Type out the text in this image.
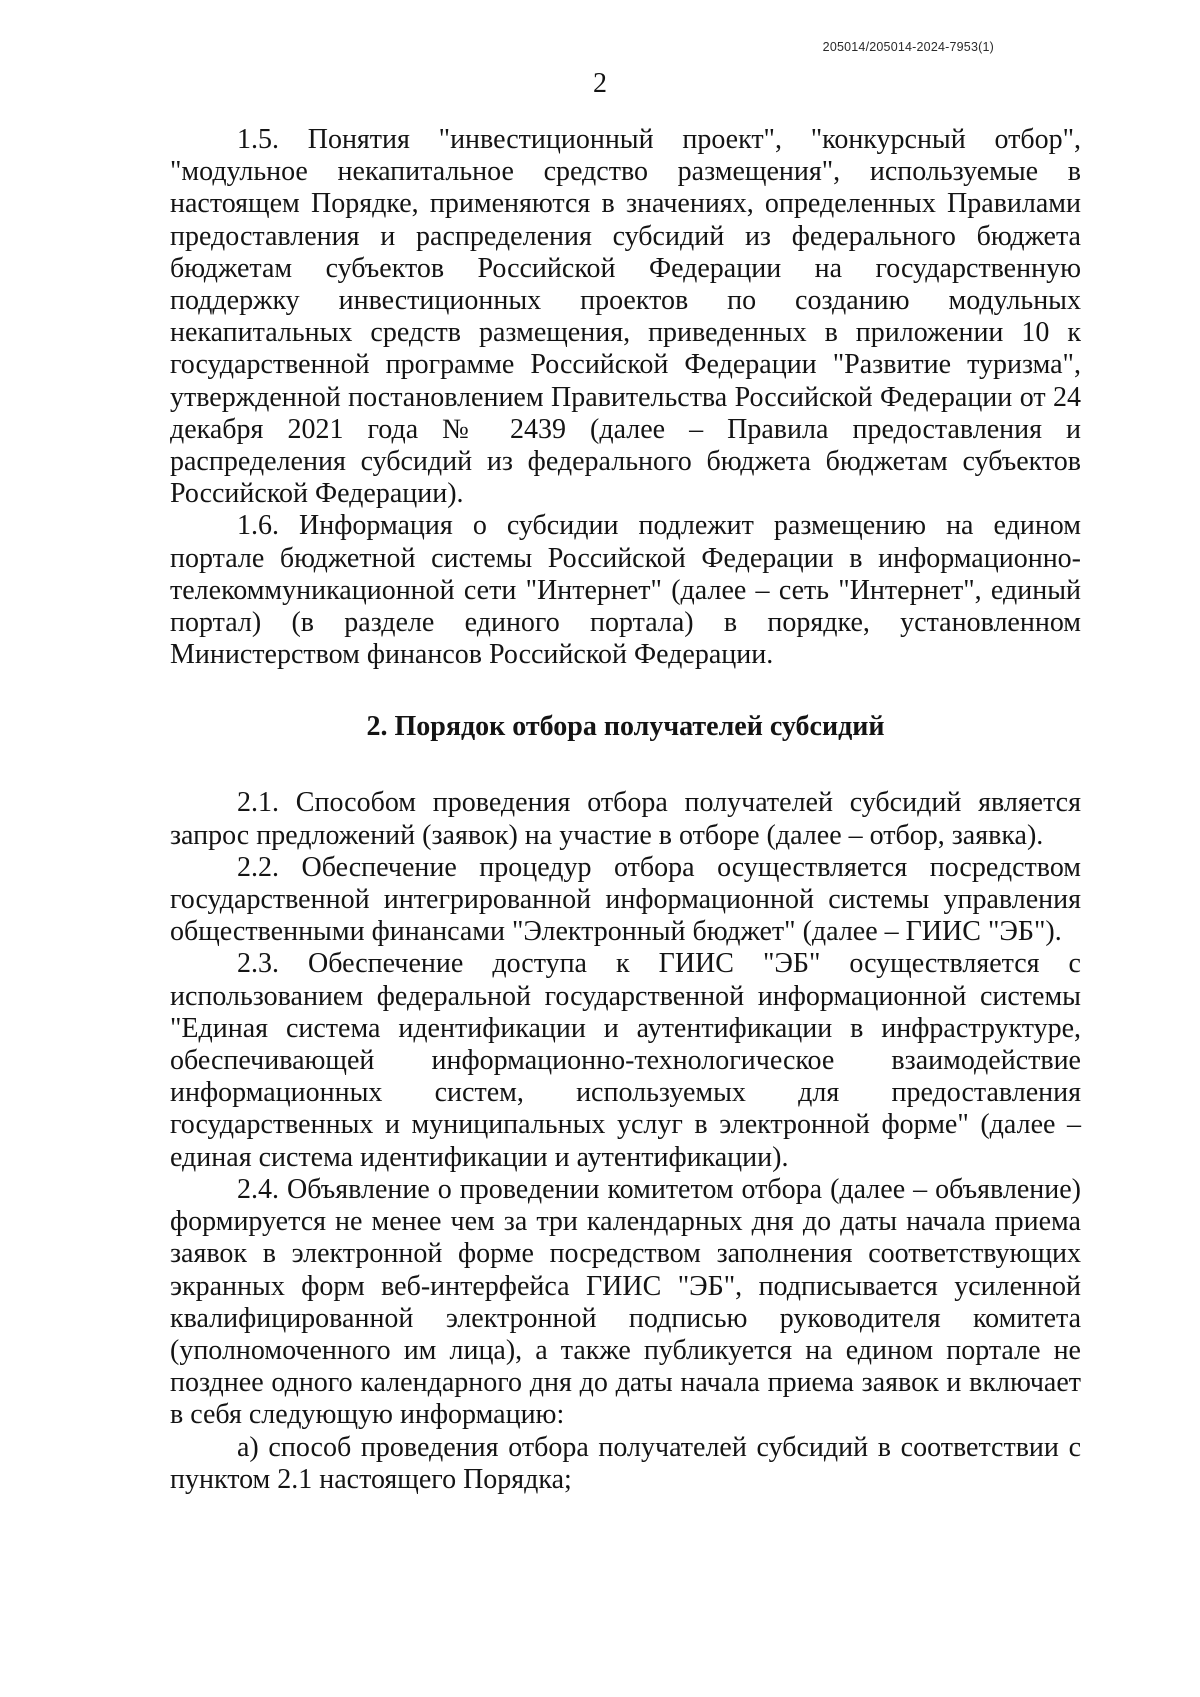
205014/205014-2024-7953(1)
2

1.5. Понятия "инвестиционный проект", "конкурсный отбор", "модульное некапитальное средство размещения", используемые в настоящем Порядке, применяются в значениях, определенных Правилами предоставления и распределения субсидий из федерального бюджета бюджетам субъектов Российской Федерации на государственную поддержку инвестиционных проектов по созданию модульных некапитальных средств размещения, приведенных в приложении 10 к государственной программе Российской Федерации "Развитие туризма", утвержденной постановлением Правительства Российской Федерации от 24 декабря 2021 года № 2439 (далее – Правила предоставления и распределения субсидий из федерального бюджета бюджетам субъектов Российской Федерации).

1.6. Информация о субсидии подлежит размещению на едином портале бюджетной системы Российской Федерации в информационно-телекоммуникационной сети "Интернет" (далее – сеть "Интернет", единый портал) (в разделе единого портала) в порядке, установленном Министерством финансов Российской Федерации.

2. Порядок отбора получателей субсидий

2.1. Способом проведения отбора получателей субсидий является запрос предложений (заявок) на участие в отборе (далее – отбор, заявка).

2.2. Обеспечение процедур отбора осуществляется посредством государственной интегрированной информационной системы управления общественными финансами "Электронный бюджет" (далее – ГИИС "ЭБ").

2.3. Обеспечение доступа к ГИИС "ЭБ" осуществляется с использованием федеральной государственной информационной системы "Единая система идентификации и аутентификации в инфраструктуре, обеспечивающей информационно-технологическое взаимодействие информационных систем, используемых для предоставления государственных и муниципальных услуг в электронной форме" (далее – единая система идентификации и аутентификации).

2.4. Объявление о проведении комитетом отбора (далее – объявление) формируется не менее чем за три календарных дня до даты начала приема заявок в электронной форме посредством заполнения соответствующих экранных форм веб-интерфейса ГИИС "ЭБ", подписывается усиленной квалифицированной электронной подписью руководителя комитета (уполномоченного им лица), а также публикуется на едином портале не позднее одного календарного дня до даты начала приема заявок и включает в себя следующую информацию:

а) способ проведения отбора получателей субсидий в соответствии с пунктом 2.1 настоящего Порядка;
